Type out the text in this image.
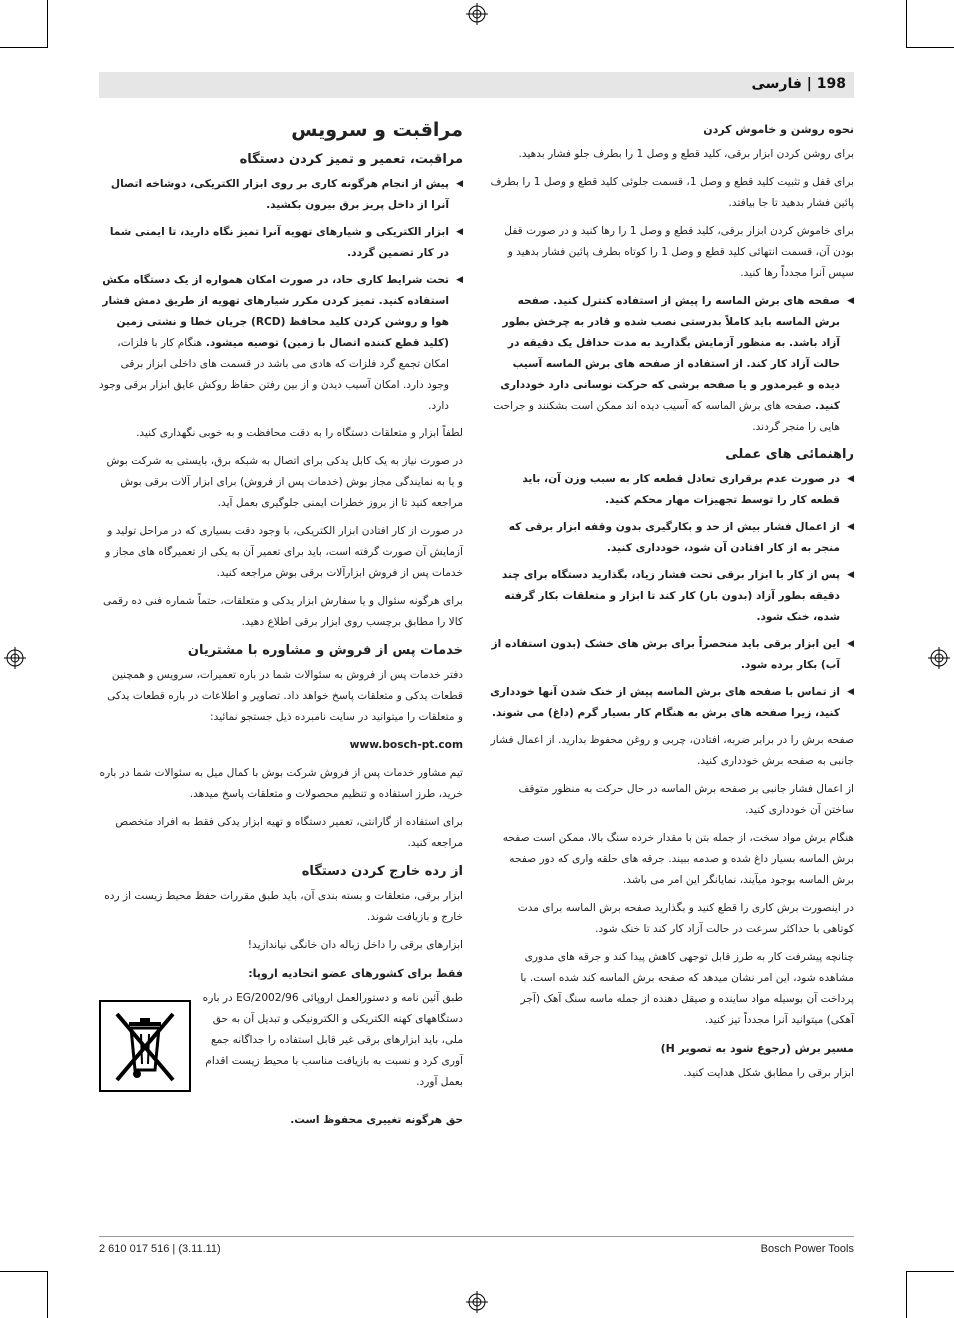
198 | فارسی
نحوه روشن و خاموش کردن

برای روشن کردن ابزار برقی، کلید قطع و وصل 1 را بطرف جلو فشار بدهید.

برای قفل و تثبیت کلید قطع و وصل 1، قسمت جلوئی کلید قطع و وصل 1 را بطرف پائین فشار بدهید تا جا بیافتد.

برای خاموش کردن ابزار برقی، کلید قطع و وصل 1 را رها کنید و در صورت قفل بودن آن، قسمت انتهائی کلید قطع و وصل 1 را کوتاه بطرف پائین فشار بدهید و سپس آنرا مجدداً رها کنید.

◀
صفحه های برش الماسه را پیش از استفاده کنترل کنید. صفحه برش الماسه باید کاملاً بدرستی نصب شده و قادر به چرخش بطور آزاد باشد. به منظور آزمایش بگذارید به مدت حداقل یک دقیقه در حالت آزاد کار کند. از استفاده از صفحه های برش الماسه آسیب دیده و غیرمدور و یا صفحه برشی که حرکت نوسانی دارد خودداری کنید. صفحه های برش الماسه که آسیب دیده اند ممکن است بشکنند و جراحت هایی را منجر گردند.
راهنمائی های عملی
◀
در صورت عدم برقراری تعادل قطعه کار به سبب وزن آن، باید قطعه کار را توسط تجهیزات مهار محکم کنید.
◀
از اعمال فشار بیش از حد و بکارگیری بدون وقفه ابزار برقی که منجر به از کار افتادن آن شود، خودداری کنید.
◀
پس از کار با ابزار برقی تحت فشار زیاد، بگذارید دستگاه برای چند دقیقه بطور آزاد (بدون بار) کار کند تا ابزار و متعلقات بکار گرفته شده، خنک شود.
◀
این ابزار برقی باید منحصراً برای برش های خشک (بدون استفاده از آب) بکار برده شود.
◀
از تماس با صفحه های برش الماسه پیش از خنک شدن آنها خودداری کنید، زیرا صفحه های برش به هنگام کار بسیار گرم (داغ) می شوند.

صفحه برش را در برابر ضربه، افتادن، چربی و روغن محفوظ بدارید. از اعمال فشار جانبی به صفحه برش خودداری کنید.

از اعمال فشار جانبی بر صفحه برش الماسه در حال حرکت به منظور متوقف ساختن آن خودداری کنید.

هنگام برش مواد سخت، از جمله بتن با مقدار خرده سنگ بالا، ممکن است صفحه برش الماسه بسیار داغ شده و صدمه ببیند. جرقه های حلقه واری که دور صفحه برش الماسه بوجود میآیند، نمایانگر این امر می باشد.

در اینصورت برش کاری را قطع کنید و بگذارید صفحه برش الماسه برای مدت کوتاهی با حداکثر سرعت در حالت آزاد کار کند تا خنک شود.

چنانچه پیشرفت کار به طرز قابل توجهی کاهش پیدا کند و جرقه های مدوری مشاهده شود، این امر نشان میدهد که صفحه برش الماسه کند شده است. با پرداخت آن بوسیله مواد ساینده و صیقل دهنده از جمله ماسه سنگ آهک (آجر آهکی) میتوانید آنرا مجدداً تیز کنید.

مسیر برش (رجوع شود به تصویر H)

ابزار برقی را مطابق شکل هدایت کنید.

مراقبت و سرویس
مراقبت، تعمیر و تمیز کردن دستگاه
◀
پیش از انجام هرگونه کاری بر روی ابزار الکتریکی، دوشاخه اتصال آنرا از داخل پریز برق بیرون بکشید.
◀
ابزار الکتریکی و شیارهای تهویه آنرا تمیز نگاه دارید، تا ایمنی شما در کار تضمین گردد.
◀
تحت شرایط کاری حاد، در صورت امکان همواره از یک دستگاه مکش استفاده کنید. تمیز کردن مکرر شیارهای تهویه از طریق دمش فشار هوا و روشن کردن کلید محافظ (RCD) جریان خطا و نشتی زمین (کلید قطع کننده اتصال با زمین) توصیه میشود. هنگام کار با فلزات، امکان تجمع گرد فلزات که هادی می باشد در قسمت های داخلی ابزار برقی وجود دارد. امکان آسیب دیدن و از بین رفتن حفاظ روکش عایق ابزار برقی وجود دارد.

لطفاً ابزار و متعلقات دستگاه را به دقت محافظت و به خوبی نگهداری کنید.

در صورت نیاز به یک کابل یدکی برای اتصال به شبکه برق، بایستی به شرکت بوش و یا به نمایندگی مجاز بوش (خدمات پس از فروش) برای ابزار آلات برقی بوش مراجعه کنید تا از بروز خطرات ایمنی جلوگیری بعمل آید.

در صورت از کار افتادن ابزار الکتریکی، با وجود دقت بسیاری که در مراحل تولید و آزمایش آن صورت گرفته است، باید برای تعمیر آن به یکی از تعمیرگاه های مجاز و خدمات پس از فروش ابزارآلات برقی بوش مراجعه کنید.

برای هرگونه سئوال و یا سفارش ابزار یدکی و متعلقات، حتماً شماره فنی ده رقمی کالا را مطابق برچسب روی ابزار برقی اطلاع دهید.

خدمات پس از فروش و مشاوره با مشتریان

دفتر خدمات پس از فروش به سئوالات شما در باره تعمیرات، سرویس و همچنین قطعات یدکی و متعلقات پاسخ خواهد داد. تصاویر و اطلاعات در باره قطعات یدکی و متعلقات را میتوانید در سایت نامبرده ذیل جستجو نمائید:

www.bosch-pt.com

تیم مشاور خدمات پس از فروش شرکت بوش با کمال میل به سئوالات شما در باره خرید، طرز استفاده و تنظیم محصولات و متعلقات پاسخ میدهد.

برای استفاده از گارانتی، تعمیر دستگاه و تهیه ابزار یدکی فقط به افراد متخصص مراجعه کنید.

از رده خارج کردن دستگاه

ابزار برقی، متعلقات و بسته بندی آن، باید طبق مقررات حفظ محیط زیست از رده خارج و بازیافت شوند.

ابزارهای برقی را داخل زباله دان خانگی نیاندازید!

فقط برای کشورهای عضو اتحادیه اروپا:

طبق آئین نامه و دستورالعمل اروپائی 2002/96/EG در باره دستگاههای کهنه الکتریکی و الکترونیکی و تبدیل آن به حق ملی، باید ابزارهای برقی غیر قابل استفاده را جداگانه جمع آوری کرد و نسبت به بازیافت مناسب با محیط زیست اقدام بعمل آورد.

حق هرگونه تغییری محفوظ است.

2 610 017 516 | (3.11.11)	Bosch Power Tools
